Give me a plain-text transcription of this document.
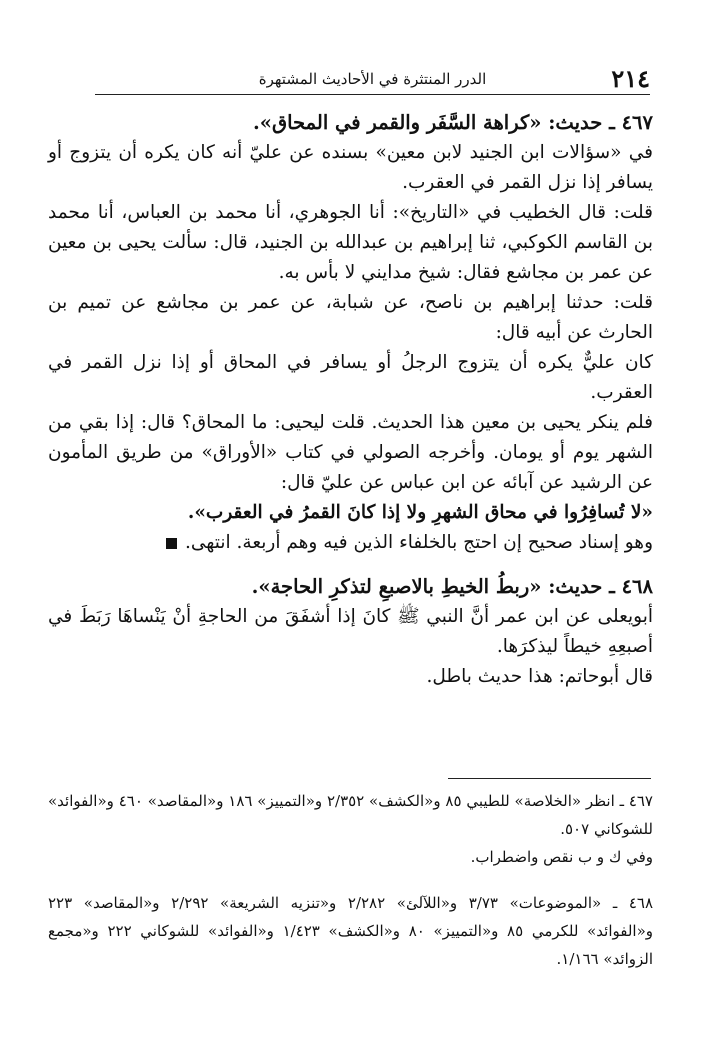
٢١٤
الدرر المنتثرة في الأحاديث المشتهرة

٤٦٧ ـ حديث: «كراهة السَّفَر والقمر في المحاق».

في «سؤالات ابن الجنيد لابن معين» بسنده عن عليّ أنه كان يكره أن يتزوج أو يسافر إذا نزل القمر في العقرب.

قلت: قال الخطيب في «التاريخ»: أنا الجوهري، أنا محمد بن العباس، أنا محمد بن القاسم الكوكبي، ثنا إبراهيم بن عبدالله بن الجنيد، قال: سألت يحيى بن معين عن عمر بن مجاشع فقال: شيخ مدايني لا بأس به.

قلت: حدثنا إبراهيم بن ناصح، عن شبابة، عن عمر بن مجاشع عن تميم بن الحارث عن أبيه قال:

كان عليٌّ يكره أن يتزوج الرجلُ أو يسافر في المحاق أو إذا نزل القمر في العقرب.

فلم ينكر يحيى بن معين هذا الحديث. قلت ليحيى: ما المحاق؟ قال: إذا بقي من الشهر يوم أو يومان. وأخرجه الصولي في كتاب «الأوراق» من طريق المأمون عن الرشيد عن آبائه عن ابن عباس عن عليّ قال:

«لا تُسافِرُوا في محاق الشهرِ ولا إذا كانَ القمرُ في العقرب».

وهو إسناد صحيح إن احتج بالخلفاء الذين فيه وهم أربعة. انتهى.

٤٦٨ ـ حديث: «ربطُ الخيطِ بالاصبعِ لتذكرِ الحاجة».

أبويعلى عن ابن عمر أنَّ النبي ﷺ كانَ إذا أشفَقَ من الحاجةِ أنْ يَنْساهَا رَبَطَ في أصبعِهِ خيطاً ليذكرَها.

قال أبوحاتم: هذا حديث باطل.

٤٦٧ ـ انظر «الخلاصة» للطيبي ٨٥ و«الكشف» ٢/٣٥٢ و«التمييز» ١٨٦ و«المقاصد» ٤٦٠ و«الفوائد» للشوكاني ٥٠٧.

وفي ك و ب نقص واضطراب.

٤٦٨ ـ «الموضوعات» ٣/٧٣ و«اللآلئ» ٢/٢٨٢ و«تنزيه الشريعة» ٢/٢٩٢ و«المقاصد» ٢٢٣ و«الفوائد» للكرمي ٨٥ و«التمييز» ٨٠ و«الكشف» ١/٤٢٣ و«الفوائد» للشوكاني ٢٢٢ و«مجمع الزوائد» ١/١٦٦.
